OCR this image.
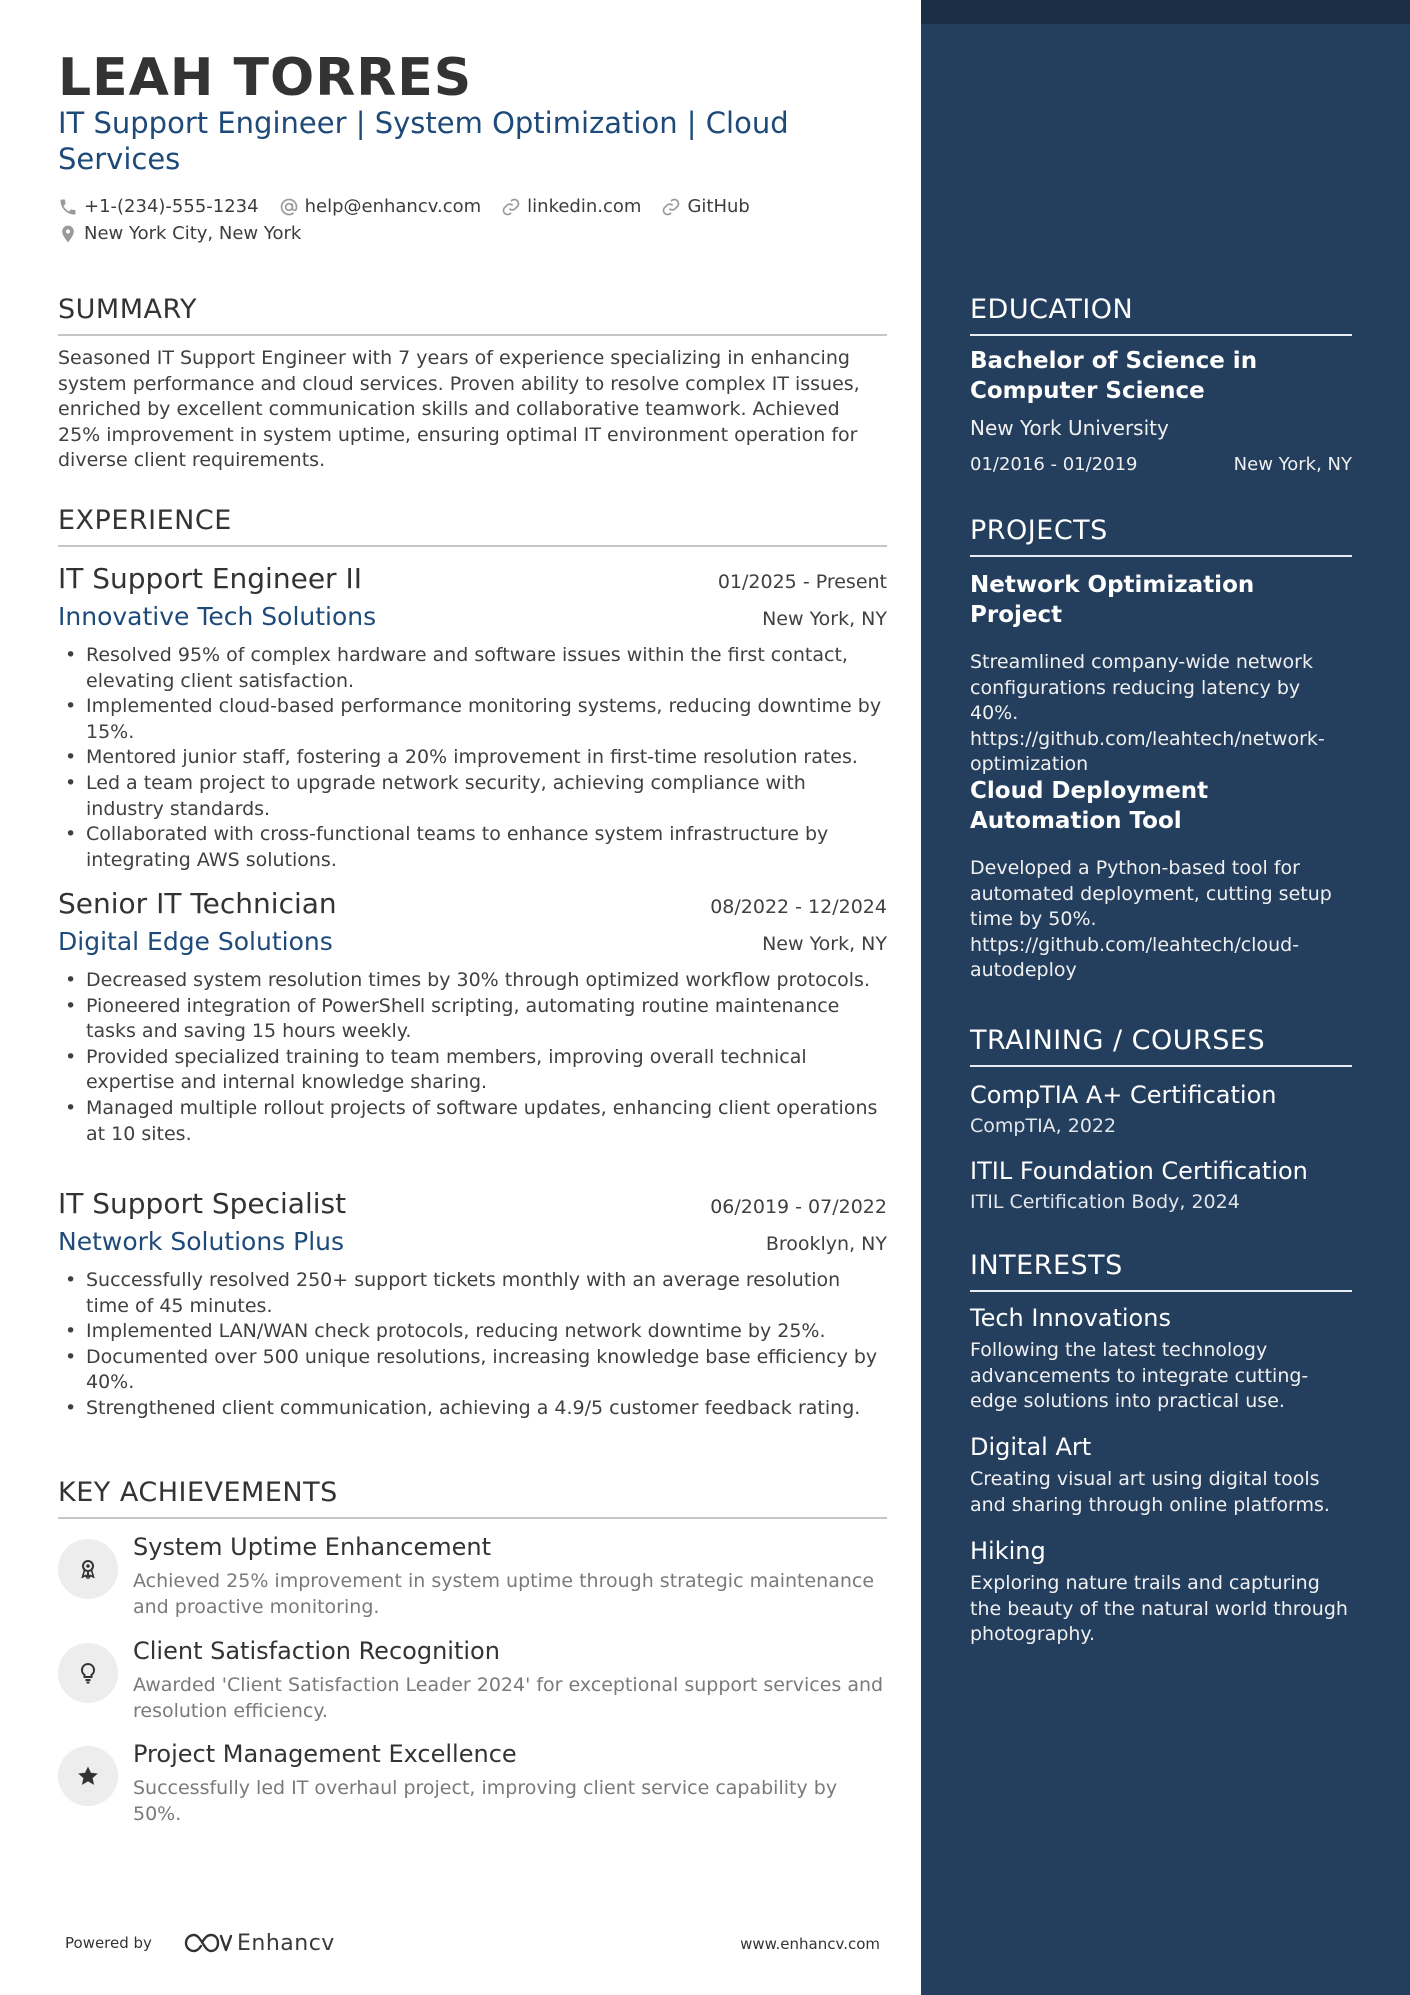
LEAH TORRES
IT Support Engineer | System Optimization | Cloud Services
+1-(234)-555-1234	help@enhancv.com	linkedin.com	GitHub
New York City, New York
SUMMARY
Seasoned IT Support Engineer with 7 years of experience specializing in enhancing system performance and cloud services. Proven ability to resolve complex IT issues, enriched by excellent communication skills and collaborative teamwork. Achieved 25% improvement in system uptime, ensuring optimal IT environment operation for diverse client requirements.
EXPERIENCE
IT Support Engineer II	01/2025 - Present
Innovative Tech Solutions	New York, NY
• Resolved 95% of complex hardware and software issues within the first contact, elevating client satisfaction.
• Implemented cloud-based performance monitoring systems, reducing downtime by 15%.
• Mentored junior staff, fostering a 20% improvement in first-time resolution rates.
• Led a team project to upgrade network security, achieving compliance with industry standards.
• Collaborated with cross-functional teams to enhance system infrastructure by integrating AWS solutions.
Senior IT Technician	08/2022 - 12/2024
Digital Edge Solutions	New York, NY
• Decreased system resolution times by 30% through optimized workflow protocols.
• Pioneered integration of PowerShell scripting, automating routine maintenance tasks and saving 15 hours weekly.
• Provided specialized training to team members, improving overall technical expertise and internal knowledge sharing.
• Managed multiple rollout projects of software updates, enhancing client operations at 10 sites.
IT Support Specialist	06/2019 - 07/2022
Network Solutions Plus	Brooklyn, NY
• Successfully resolved 250+ support tickets monthly with an average resolution time of 45 minutes.
• Implemented LAN/WAN check protocols, reducing network downtime by 25%.
• Documented over 500 unique resolutions, increasing knowledge base efficiency by 40%.
• Strengthened client communication, achieving a 4.9/5 customer feedback rating.
KEY ACHIEVEMENTS
System Uptime Enhancement
Achieved 25% improvement in system uptime through strategic maintenance and proactive monitoring.
Client Satisfaction Recognition
Awarded 'Client Satisfaction Leader 2024' for exceptional support services and resolution efficiency.
Project Management Excellence
Successfully led IT overhaul project, improving client service capability by 50%.
Powered by	Enhancv	www.enhancv.com
EDUCATION
Bachelor of Science in Computer Science
New York University
01/2016 - 01/2019	New York, NY
PROJECTS
Network Optimization Project
Streamlined company-wide network configurations reducing latency by 40%. https://github.com/leahtech/network-optimization
Cloud Deployment Automation Tool
Developed a Python-based tool for automated deployment, cutting setup time by 50%. https://github.com/leahtech/cloud-autodeploy
TRAINING / COURSES
CompTIA A+ Certification
CompTIA, 2022
ITIL Foundation Certification
ITIL Certification Body, 2024
INTERESTS
Tech Innovations
Following the latest technology advancements to integrate cutting-edge solutions into practical use.
Digital Art
Creating visual art using digital tools and sharing through online platforms.
Hiking
Exploring nature trails and capturing the beauty of the natural world through photography.
